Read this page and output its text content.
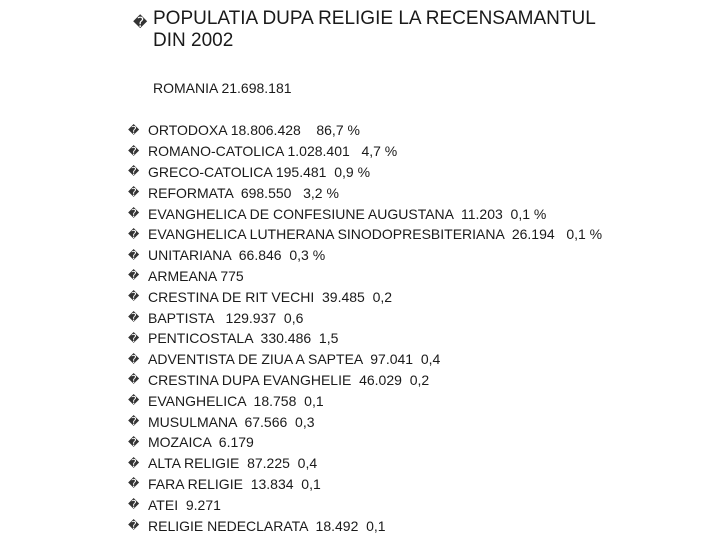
� POPULATIA DUPA RELIGIE LA RECENSAMANTUL
DIN 2002
ROMANIA 21.698.181
� ORTODOXA 18.806.428    86,7 %
� ROMANO-CATOLICA 1.028.401   4,7 %
� GRECO-CATOLICA 195.481  0,9 %
� REFORMATA  698.550   3,2 %
� EVANGHELICA DE CONFESIUNE AUGUSTANA  11.203  0,1 %
� EVANGHELICA LUTHERANA SINODOPRESBITERIANA  26.194   0,1 %
� UNITARIANA  66.846  0,3 %
� ARMEANA 775
� CRESTINA DE RIT VECHI  39.485  0,2
� BAPTISTA   129.937  0,6
� PENTICOSTALA  330.486  1,5
� ADVENTISTA DE ZIUA A SAPTEA  97.041  0,4
� CRESTINA DUPA EVANGHELIE  46.029  0,2
� EVANGHELICA  18.758  0,1
� MUSULMANA  67.566  0,3
� MOZAICA  6.179
� ALTA RELIGIE  87.225  0,4
� FARA RELIGIE  13.834  0,1
� ATEI  9.271
� RELIGIE NEDECLARATA  18.492  0,1
